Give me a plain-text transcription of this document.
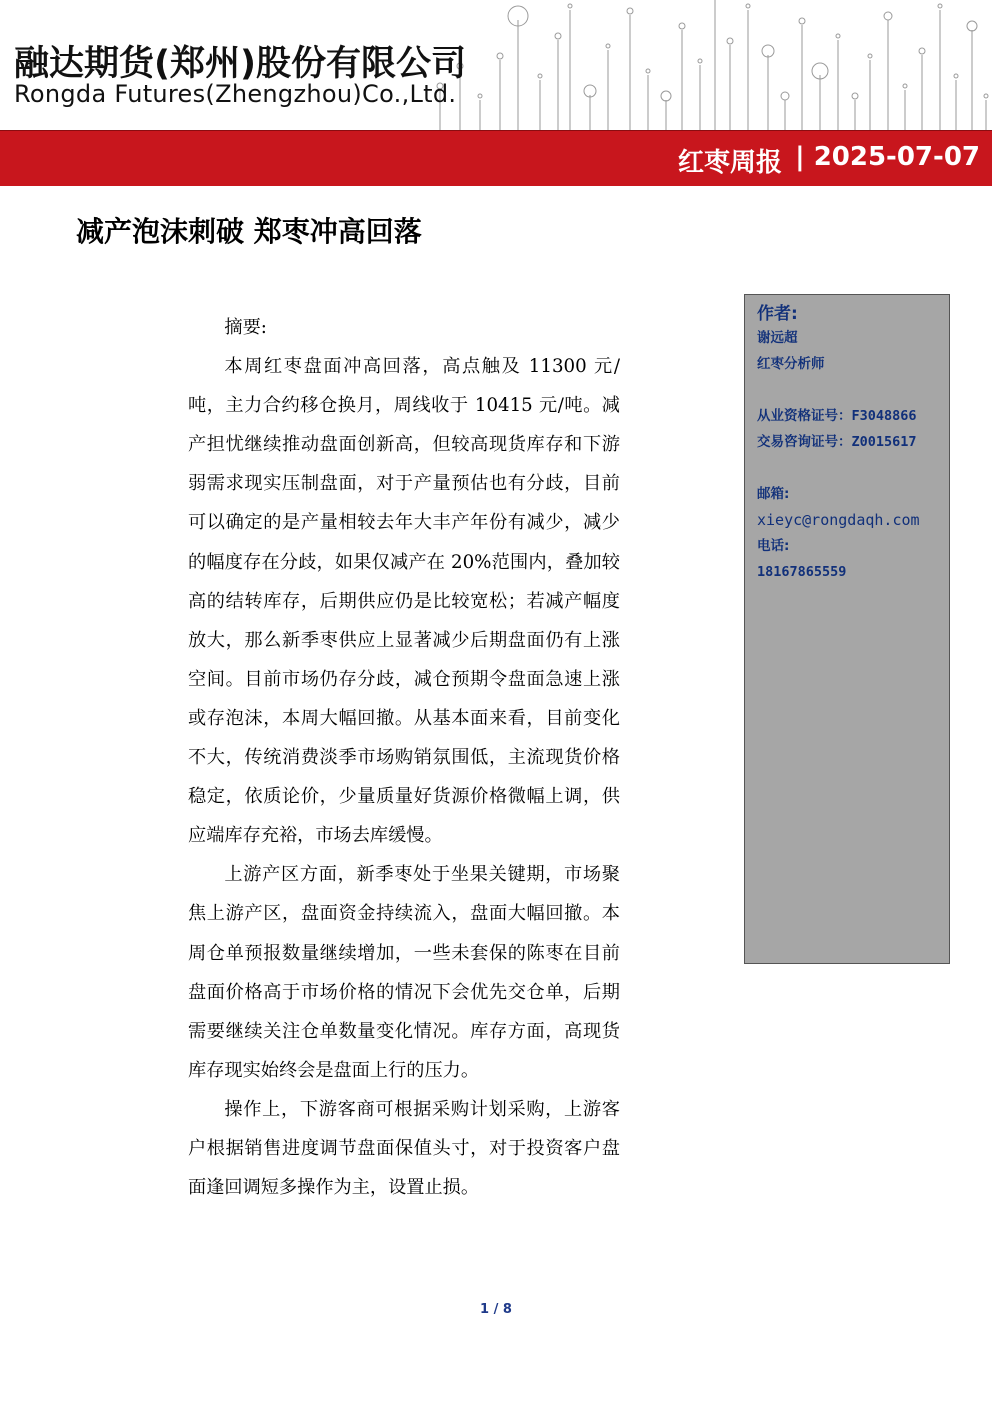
融达期货(郑州)股份有限公司
Rongda Futures(Zhengzhou)Co.,Ltd.
红枣周报 | 2025-07-07
减产泡沫刺破 郑枣冲高回落

摘要:

本周红枣盘面冲高回落，高点触及 11300 元/吨，主力合约移仓换月，周线收于 10415 元/吨。减产担忧继续推动盘面创新高，但较高现货库存和下游弱需求现实压制盘面，对于产量预估也有分歧，目前可以确定的是产量相较去年大丰产年份有减少，减少的幅度存在分歧，如果仅减产在 20%范围内，叠加较高的结转库存，后期供应仍是比较宽松；若减产幅度放大，那么新季枣供应上显著减少后期盘面仍有上涨空间。目前市场仍存分歧，减仓预期令盘面急速上涨或存泡沫，本周大幅回撤。从基本面来看，目前变化不大，传统消费淡季市场购销氛围低，主流现货价格稳定，依质论价，少量质量好货源价格微幅上调，供应端库存充裕，市场去库缓慢。

上游产区方面，新季枣处于坐果关键期，市场聚焦上游产区，盘面资金持续流入，盘面大幅回撤。本周仓单预报数量继续增加，一些未套保的陈枣在目前盘面价格高于市场价格的情况下会优先交仓单，后期需要继续关注仓单数量变化情况。库存方面，高现货库存现实始终会是盘面上行的压力。

操作上，下游客商可根据采购计划采购，上游客户根据销售进度调节盘面保值头寸，对于投资客户盘面逢回调短多操作为主，设置止损。

作者:
谢远超
红枣分析师
从业资格证号：F3048866
交易咨询证号：Z0015617
邮箱:
xieyc@rongdaqh.com
电话:
18167865559
1 / 8
